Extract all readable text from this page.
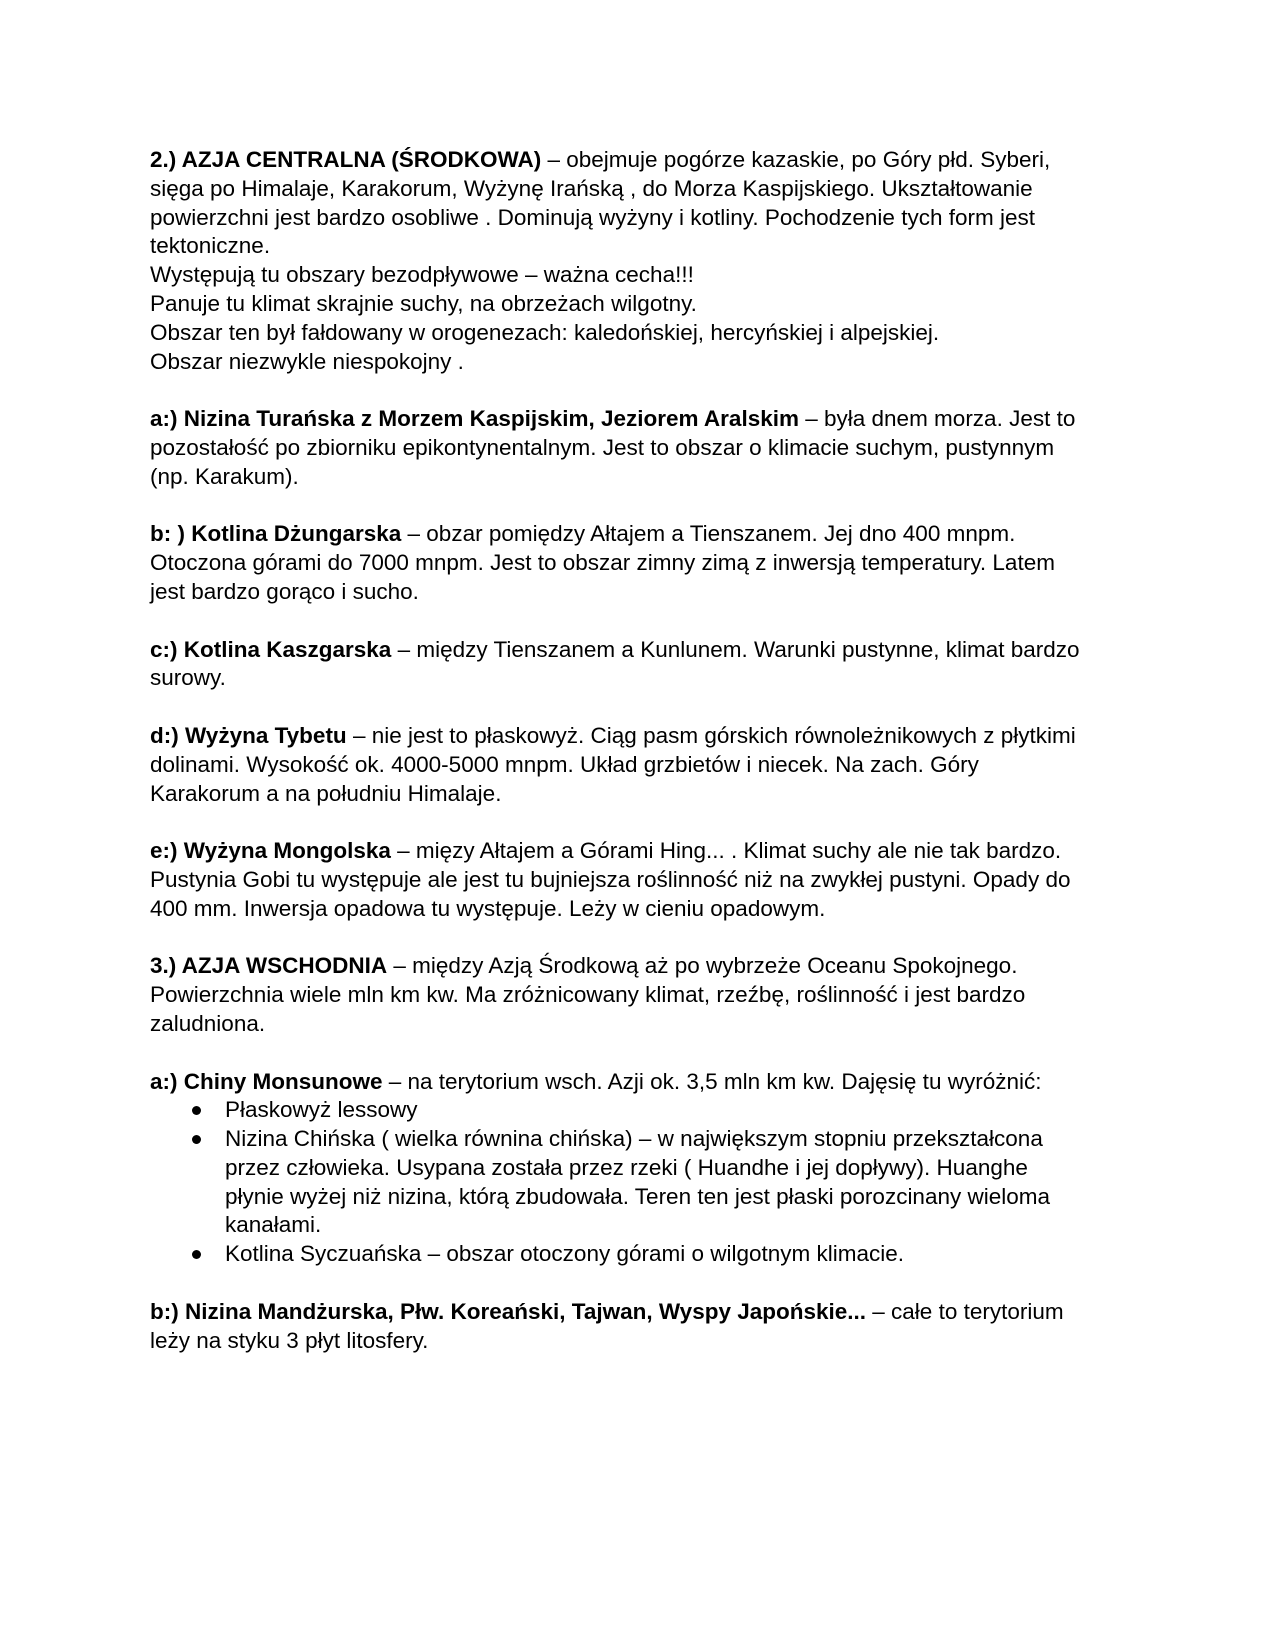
2.) AZJA CENTRALNA (ŚRODKOWA) – obejmuje pogórze kazaskie, po Góry płd. Syberi, sięga po Himalaje, Karakorum, Wyżynę Irańską , do Morza Kaspijskiego. Ukształtowanie powierzchni jest bardzo osobliwe . Dominują wyżyny i kotliny. Pochodzenie tych form jest tektoniczne.

Występują tu obszary bezodpływowe – ważna cecha!!!

Panuje tu klimat skrajnie suchy, na obrzeżach wilgotny.

Obszar ten był fałdowany w orogenezach: kaledońskiej, hercyńskiej i alpejskiej.

Obszar niezwykle niespokojny .

a:) Nizina Turańska z Morzem Kaspijskim, Jeziorem Aralskim – była dnem morza. Jest to pozostałość po zbiorniku epikontynentalnym. Jest to obszar o klimacie suchym, pustynnym (np. Karakum).

b: ) Kotlina Dżungarska – obzar pomiędzy Ałtajem a Tienszanem. Jej dno 400 mnpm. Otoczona górami do 7000 mnpm. Jest to obszar zimny zimą z inwersją temperatury. Latem jest bardzo gorąco i sucho.

c:) Kotlina Kaszgarska – między Tienszanem a Kunlunem. Warunki pustynne, klimat bardzo surowy.

d:) Wyżyna Tybetu – nie jest to płaskowyż. Ciąg pasm górskich równoleżnikowych z płytkimi dolinami. Wysokość ok. 4000-5000 mnpm. Układ grzbietów i niecek. Na zach. Góry Karakorum a na południu Himalaje.

e:) Wyżyna Mongolska – mięzy Ałtajem a Górami Hing... . Klimat suchy ale nie tak bardzo. Pustynia Gobi tu występuje ale jest tu bujniejsza roślinność niż na zwykłej pustyni. Opady do 400 mm. Inwersja opadowa tu występuje. Leży w cieniu opadowym.

3.) AZJA WSCHODNIA – między Azją Środkową aż po wybrzeże Oceanu Spokojnego. Powierzchnia wiele mln km kw. Ma zróżnicowany klimat, rzeźbę, roślinność i jest bardzo zaludniona.

a:) Chiny Monsunowe – na terytorium wsch. Azji ok. 3,5 mln km kw. Dajęsię tu wyróżnić:

Płaskowyż lessowy
Nizina Chińska ( wielka równina chińska) – w największym stopniu przekształcona przez człowieka. Usypana została przez rzeki ( Huandhe i jej dopływy). Huanghe płynie wyżej niż nizina, którą zbudowała. Teren ten jest płaski porozcinany wieloma kanałami.
Kotlina Syczuańska – obszar otoczony górami o wilgotnym klimacie.

b:) Nizina Mandżurska, Płw. Koreański, Tajwan, Wyspy Japońskie... – całe to terytorium leży na styku 3 płyt litosfery.
